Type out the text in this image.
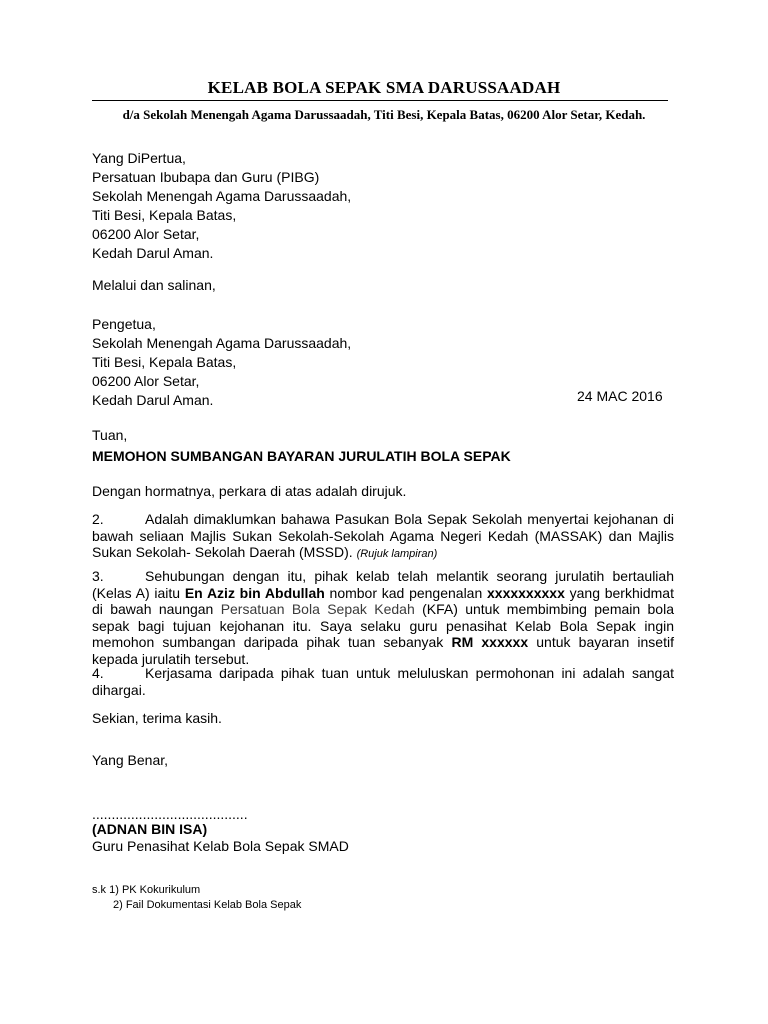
KELAB BOLA SEPAK SMA DARUSSAADAH
d/a Sekolah Menengah Agama Darussaadah, Titi Besi, Kepala Batas, 06200 Alor Setar, Kedah.
Yang DiPertua,
Persatuan Ibubapa dan Guru (PIBG)
Sekolah Menengah Agama Darussaadah,
Titi Besi, Kepala Batas,
06200 Alor Setar,
Kedah Darul Aman.
Melalui dan salinan,
Pengetua,
Sekolah Menengah Agama Darussaadah,
Titi Besi, Kepala Batas,
06200 Alor Setar,
Kedah Darul Aman.	24 MAC 2016
Tuan,
MEMOHON SUMBANGAN BAYARAN JURULATIH BOLA SEPAK
Dengan hormatnya, perkara di atas adalah dirujuk.
2.	Adalah dimaklumkan bahawa Pasukan Bola Sepak Sekolah menyertai kejohanan di bawah seliaan Majlis Sukan Sekolah-Sekolah Agama Negeri Kedah (MASSAK) dan Majlis Sukan Sekolah- Sekolah Daerah (MSSD). (Rujuk lampiran)
3.	Sehubungan dengan itu, pihak kelab telah melantik seorang jurulatih bertauliah (Kelas A) iaitu En Aziz bin Abdullah nombor kad pengenalan xxxxxxxxxx yang berkhidmat di bawah naungan Persatuan Bola Sepak Kedah (KFA) untuk membimbing pemain bola sepak bagi tujuan kejohanan itu. Saya selaku guru penasihat Kelab Bola Sepak ingin memohon sumbangan daripada pihak tuan sebanyak RM xxxxxx untuk bayaran insetif kepada jurulatih tersebut.
4.	Kerjasama daripada pihak tuan untuk meluluskan permohonan ini adalah sangat dihargai.
Sekian, terima kasih.
Yang Benar,
........................................
(ADNAN BIN ISA)
Guru Penasihat Kelab Bola Sepak SMAD
s.k 1) PK Kokurikulum
2) Fail Dokumentasi Kelab Bola Sepak
